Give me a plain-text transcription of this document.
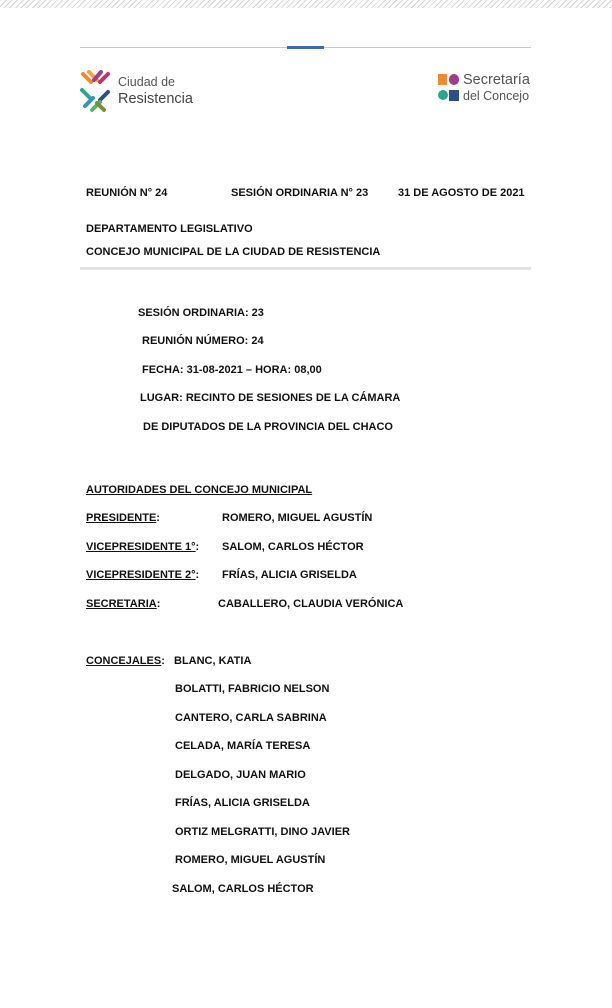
Ciudad de
Resistencia
Secretaría
del Concejo
REUNIÓN N° 24	SESIÓN ORDINARIA N° 23	31 DE AGOSTO DE 2021
DEPARTAMENTO LEGISLATIVO
CONCEJO MUNICIPAL DE LA CIUDAD DE RESISTENCIA
SESIÓN ORDINARIA: 23
REUNIÓN NÚMERO: 24
FECHA: 31-08-2021 – HORA: 08,00
LUGAR: RECINTO DE SESIONES DE LA CÁMARA
DE DIPUTADOS DE LA PROVINCIA DEL CHACO
AUTORIDADES DEL CONCEJO MUNICIPAL
PRESIDENTE:	ROMERO, MIGUEL AGUSTÍN
VICEPRESIDENTE 1°: SALOM, CARLOS HÉCTOR
VICEPRESIDENTE 2°: FRÍAS, ALICIA GRISELDA
SECRETARIA:	CABALLERO, CLAUDIA VERÓNICA
CONCEJALES: BLANC, KATIA
BOLATTI, FABRICIO NELSON
CANTERO, CARLA SABRINA
CELADA, MARÍA TERESA
DELGADO, JUAN MARIO
FRÍAS, ALICIA GRISELDA
ORTIZ MELGRATTI, DINO JAVIER
ROMERO, MIGUEL AGUSTÍN
SALOM, CARLOS HÉCTOR
